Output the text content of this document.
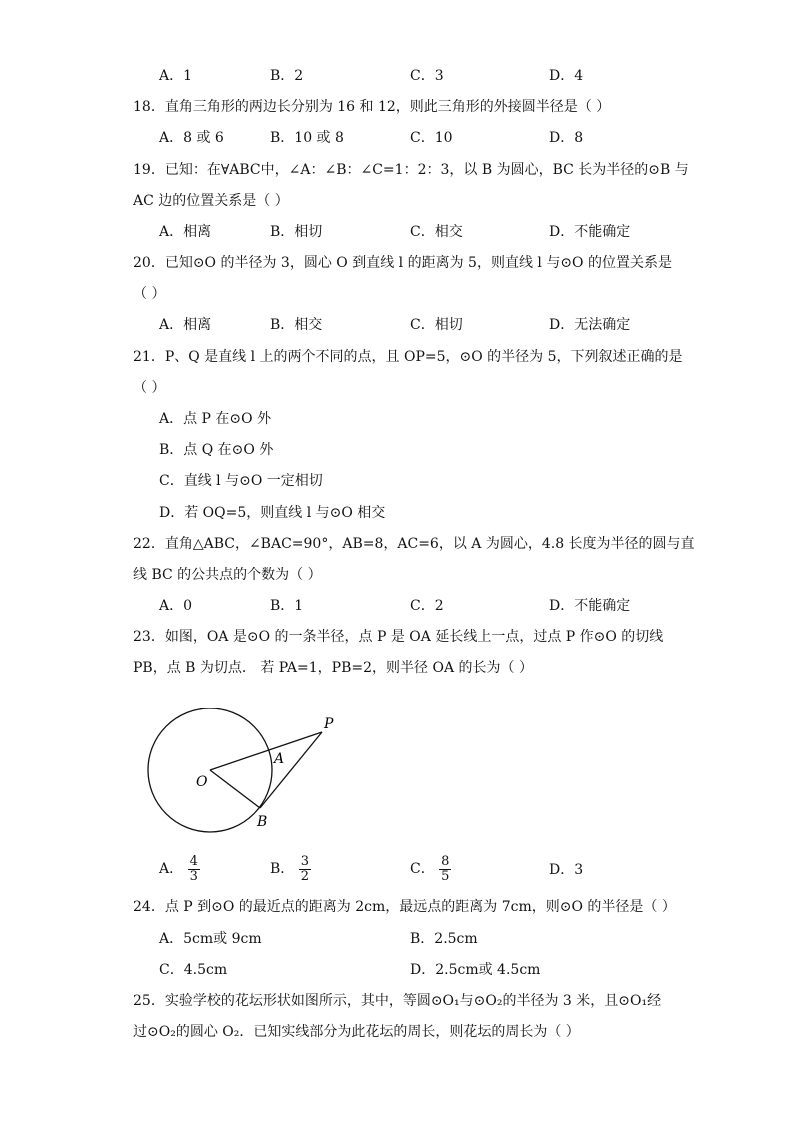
A．1	B．2	C．3	D．4
18．直角三角形的两边长分别为 16 和 12，则此三角形的外接圆半径是（ ）
A．8 或 6	B．10 或 8	C．10	D．8
19．已知：在∀ABC中，∠A：∠B：∠C=1：2：3，以 B 为圆心，BC 长为半径的⊙B 与
AC 边的位置关系是（ ）
A．相离	B．相切	C．相交	D．不能确定
20．已知⊙O 的半径为 3，圆心 O 到直线 l 的距离为 5，则直线 l 与⊙O 的位置关系是
（ ）
A．相离	B．相交	C．相切	D．无法确定
21．P、Q 是直线 l 上的两个不同的点，且 OP=5，⊙O 的半径为 5，下列叙述正确的是
（ ）
A．点 P 在⊙O 外
B．点 Q 在⊙O 外
C．直线 l 与⊙O 一定相切
D．若 OQ=5，则直线 l 与⊙O 相交
22．直角△ABC，∠BAC=90°，AB=8，AC=6，以 A 为圆心，4.8 长度为半径的圆与直
线 BC 的公共点的个数为（ ）
A．0	B．1	C．2	D．不能确定
23．如图，OA 是⊙O 的一条半径，点 P 是 OA 延长线上一点，过点 P 作⊙O 的切线
PB，点 B 为切点． 若 PA=1，PB=2，则半径 OA 的长为（ ）
O
A
P
B
A． $\frac{4}{3}$	B． $\frac{3}{2}$	C． $\frac{8}{5}$	D．3
24．点 P 到⊙O 的最近点的距离为 2cm，最远点的距离为 7cm，则⊙O 的半径是（ ）
A．5cm或 9cm	B．2.5cm
C．4.5cm	D．2.5cm或 4.5cm
25．实验学校的花坛形状如图所示，其中，等圆⊙O₁与⊙O₂的半径为 3 米，且⊙O₁经
过⊙O₂的圆心 O₂．已知实线部分为此花坛的周长，则花坛的周长为（ ）
